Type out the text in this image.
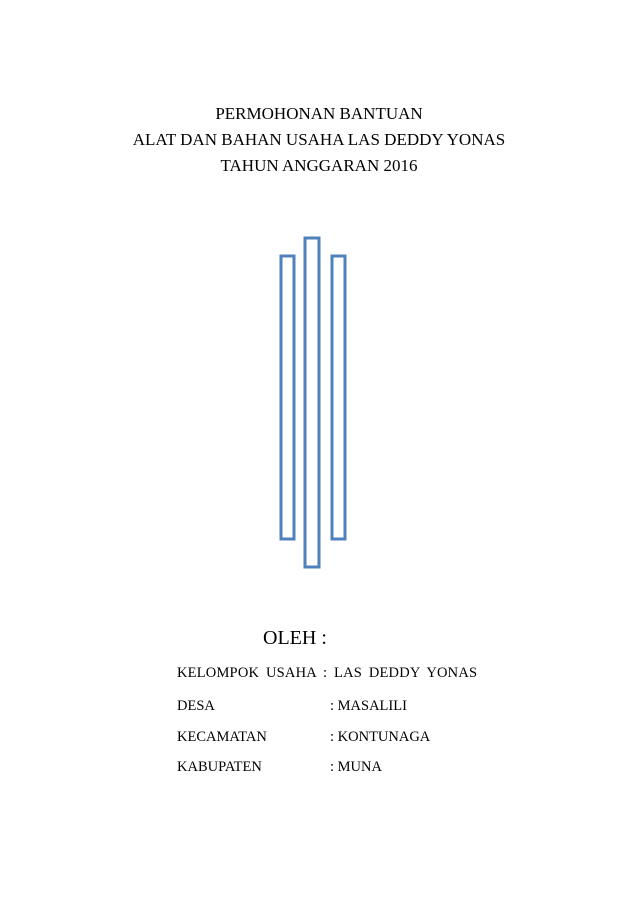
PERMOHONAN BANTUAN
ALAT DAN BAHAN USAHA LAS DEDDY YONAS
TAHUN ANGGARAN 2016
OLEH :
KELOMPOK USAHA : LAS DEDDY YONAS
DESA	: MASALILI
KECAMATAN	: KONTUNAGA
KABUPATEN	: MUNA
